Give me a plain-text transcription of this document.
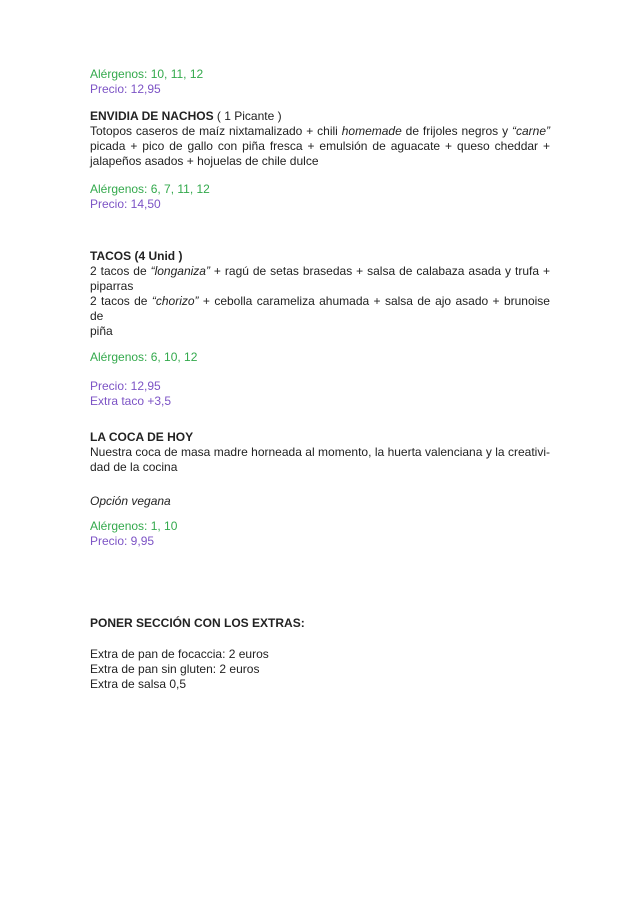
Alérgenos: 10, 11, 12
Precio: 12,95
ENVIDIA DE NACHOS ( 1 Picante )
Totopos caseros de maíz nixtamalizado + chili homemade de frijoles negros y “carne”
picada + pico de gallo con piña fresca + emulsión de aguacate + queso cheddar +
jalapeños asados + hojuelas de chile dulce
Alérgenos: 6, 7, 11, 12
Precio: 14,50
TACOS (4 Unid )
2 tacos de “longaniza” + ragú de setas brasedas + salsa de calabaza asada y trufa +
piparras
2 tacos de “chorizo” + cebolla carameliza ahumada + salsa de ajo asado + brunoise de
piña
Alérgenos: 6, 10, 12
Precio: 12,95
Extra taco +3,5
LA COCA DE HOY
Nuestra coca de masa madre horneada al momento, la huerta valenciana y la creativi-
dad de la cocina
Opción vegana
Alérgenos: 1, 10
Precio: 9,95
PONER SECCIÓN CON LOS EXTRAS:
Extra de pan de focaccia: 2 euros
Extra de pan sin gluten: 2 euros
Extra de salsa 0,5
